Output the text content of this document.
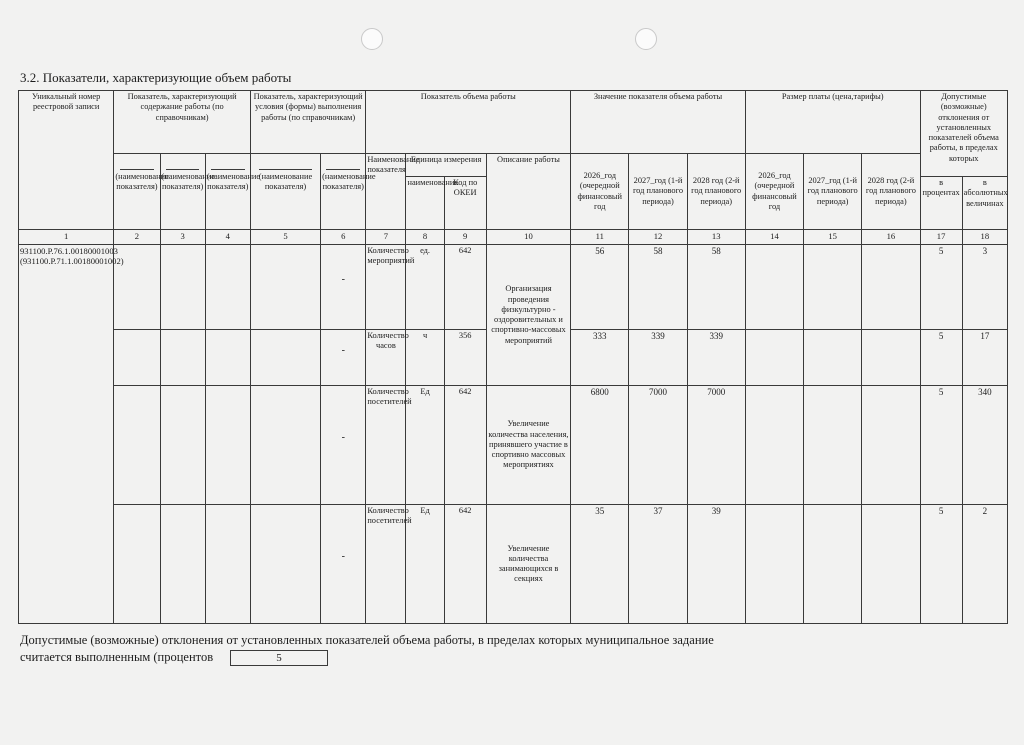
3.2. Показатели, характеризующие объем работы
Уникальный номер реестровой записи	Показатель, характеризующий содержание работы (по справочникам)			Показатель, характеризующий условия (формы) выполнения работы (по справочникам)		Показатель объема работы				Значение показателя объема работы			Размер платы (цена,тарифы)			Допустимые (возможные) отклонения от установленных показателей объема работы, в пределах которых	

(наименование показателя)	(наименование показателя)	(наименование показателя)	(наименование показателя)	(наименование показателя)	Наименование показателя	Единица измерения		Описание работы	2026_год (очередной финансовый год	2027_год (1-й год планового периода)	2028 год (2-й год планового периода)	2026_год (очередной финансовый год	2027_год (1-й год планового периода)	2028 год (2-й год планового периода)		
							наименование	Код по ОКЕИ								в процентах	в абсолютных величинах
1	2	3	4	5	6	7	8	9	10	11	12	13	14	15	16	17	18
931100.Р.76.1.00180001003 (931100.Р.71.1.00180001002)					-	Количество мероприятий	ед.	642	Организация проведения физкультурно - оздоровительных и спортивно-массовых мероприятий	56	58	58				5	3

					-	Количество часов	ч	356		333	339	339				5	17

					-	Количество посетителей	Ед	642	Увеличение количества населения, принявшего участие в спортивно массовых мероприятиях	6800	7000	7000				5	340

					-	Количество посетителей	Ед	642	Увеличение количества занимающихся в секциях	35	37	39				5	2
Допустимые (возможные) отклонения от установленных показателей объема работы, в пределах которых муниципальное задание
считается выполненным (процентов	5
